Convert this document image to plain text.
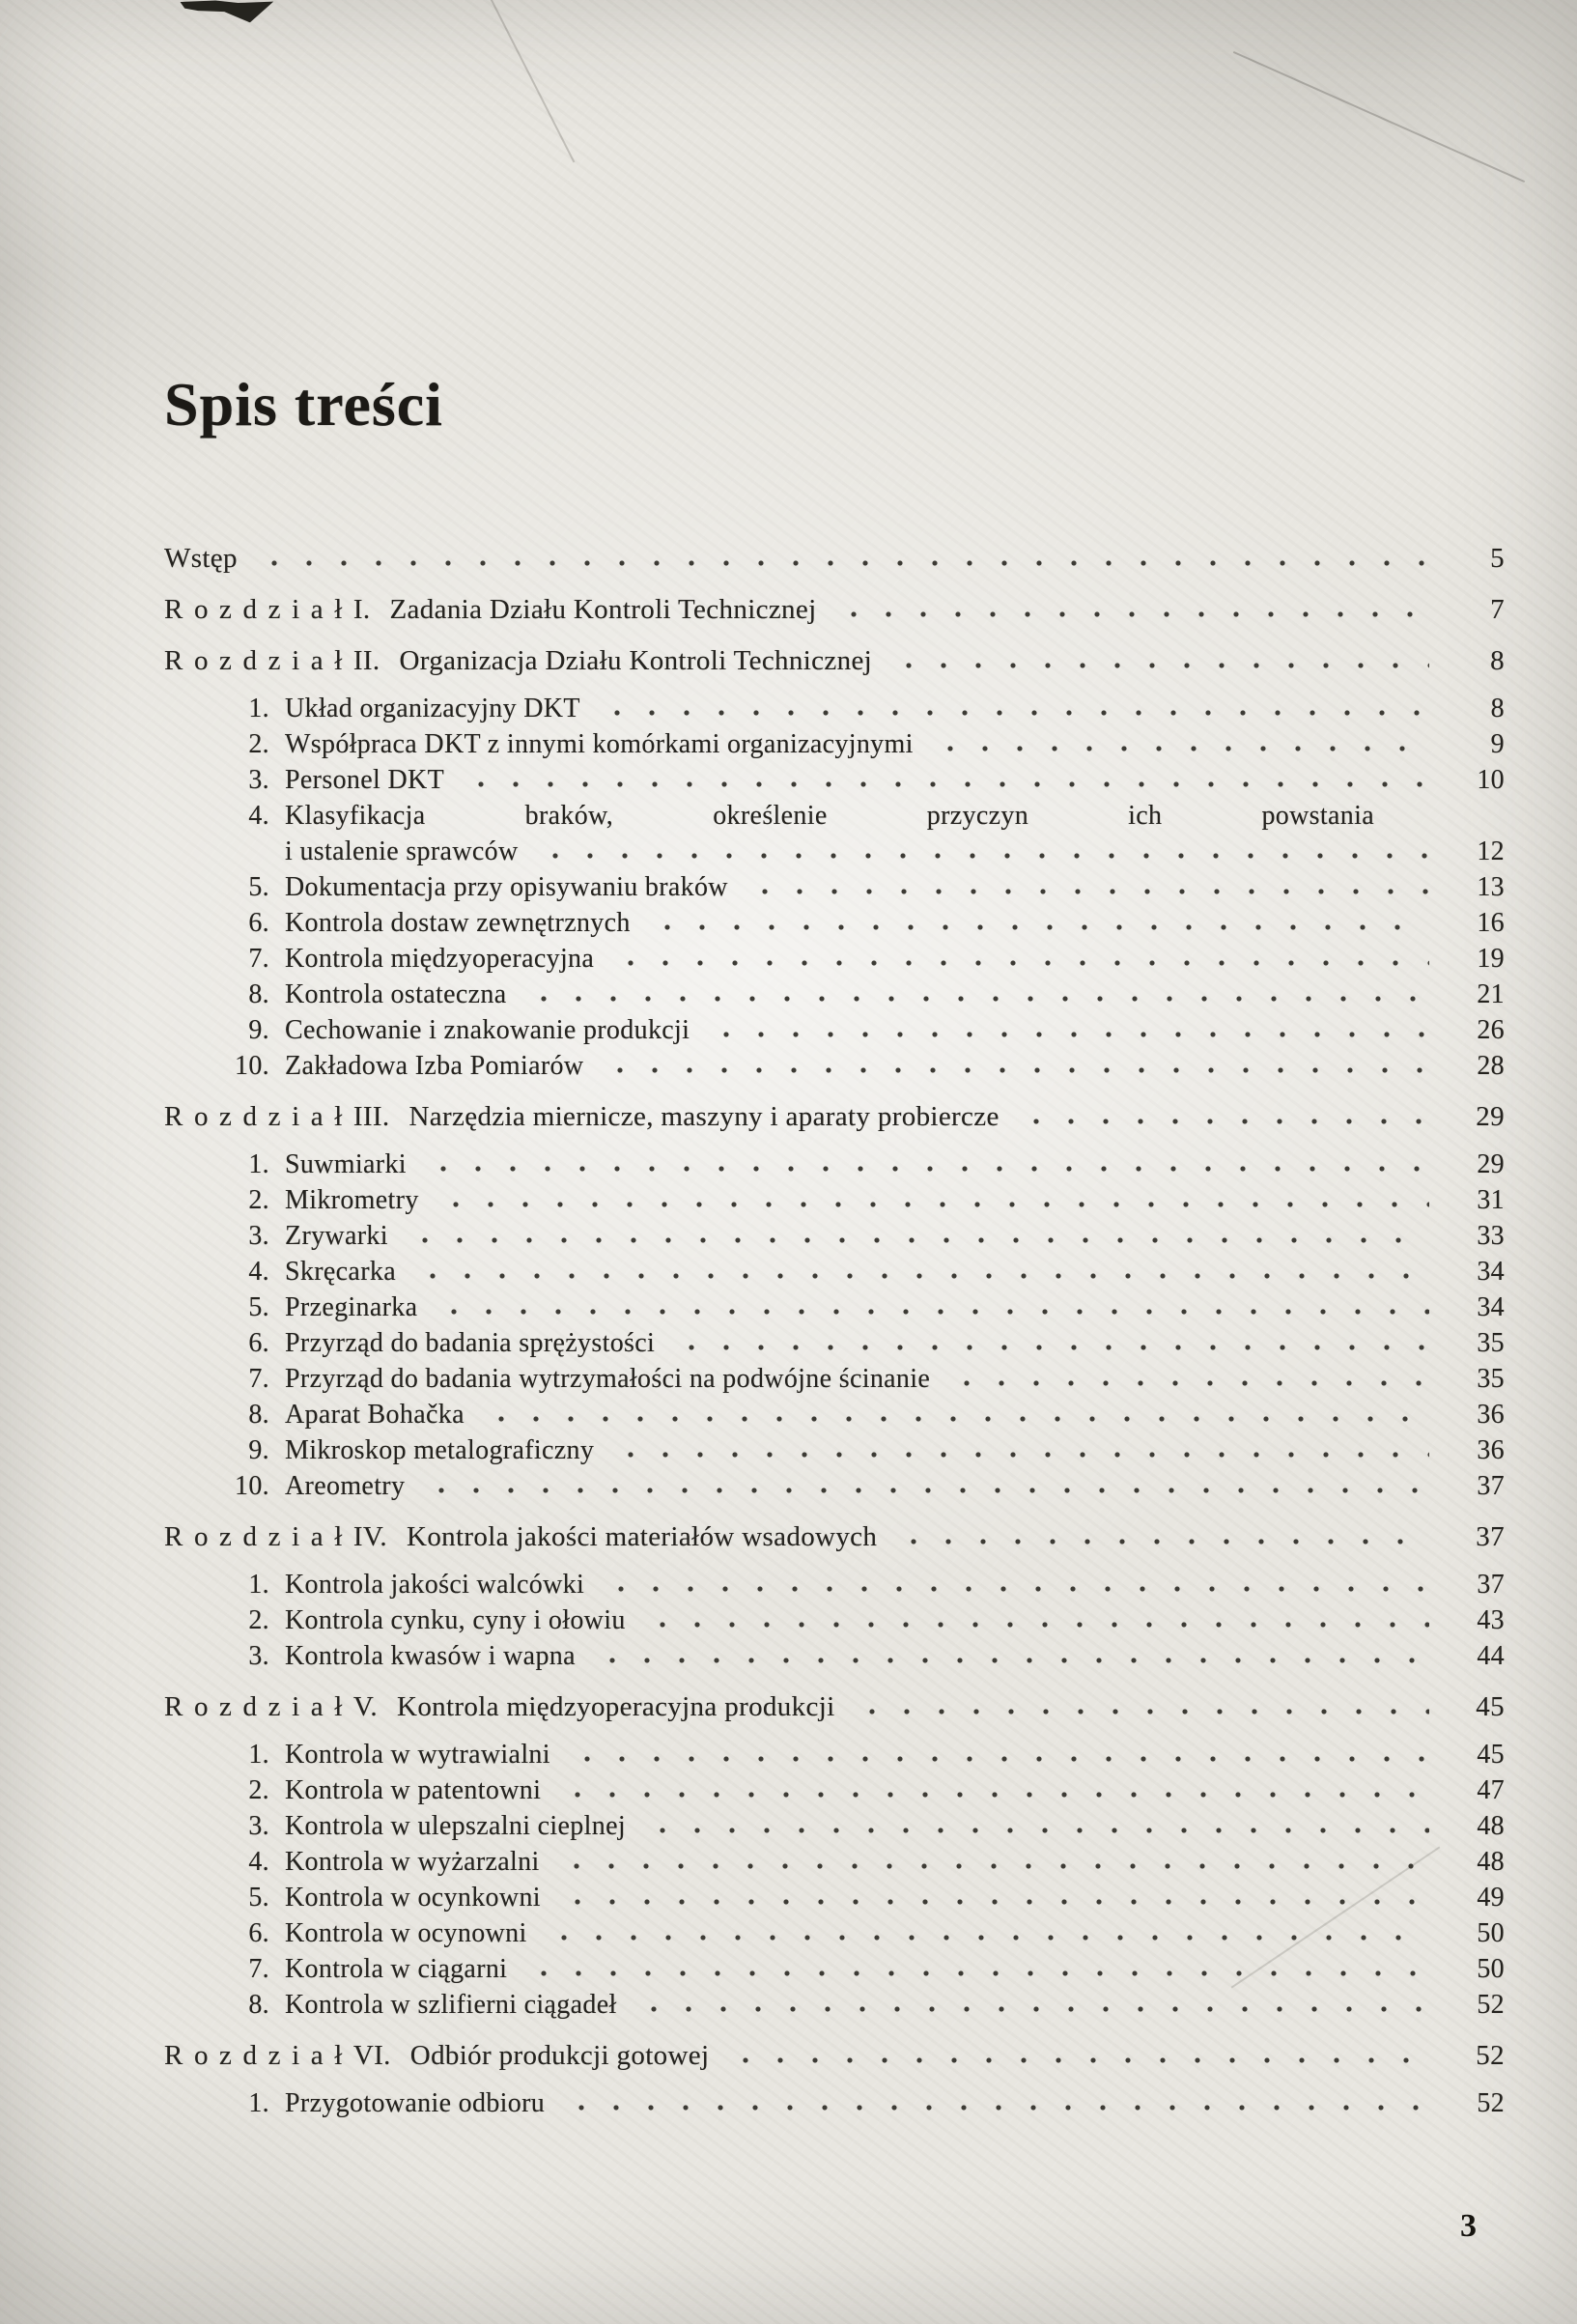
Spis treści
Wstęp	5
Rozdział I. Zadania Działu Kontroli Technicznej	7
Rozdział II. Organizacja Działu Kontroli Technicznej	8
1. Układ organizacyjny DKT	8
2. Współpraca DKT z innymi komórkami organizacyjnymi	9
3. Personel DKT	10
4. Klasyfikacja braków, określenie przyczyn ich powstania
i ustalenie sprawców	12
5. Dokumentacja przy opisywaniu braków	13
6. Kontrola dostaw zewnętrznych	16
7. Kontrola międzyoperacyjna	19
8. Kontrola ostateczna	21
9. Cechowanie i znakowanie produkcji	26
10. Zakładowa Izba Pomiarów	28
Rozdział III. Narzędzia miernicze, maszyny i aparaty probiercze	29
1. Suwmiarki	29
2. Mikrometry	31
3. Zrywarki	33
4. Skręcarka	34
5. Przeginarka	34
6. Przyrząd do badania sprężystości	35
7. Przyrząd do badania wytrzymałości na podwójne ścinanie	35
8. Aparat Bohačka	36
9. Mikroskop metalograficzny	36
10. Areometry	37
Rozdział IV. Kontrola jakości materiałów wsadowych	37
1. Kontrola jakości walcówki	37
2. Kontrola cynku, cyny i ołowiu	43
3. Kontrola kwasów i wapna	44
Rozdział V. Kontrola międzyoperacyjna produkcji	45
1. Kontrola w wytrawialni	45
2. Kontrola w patentowni	47
3. Kontrola w ulepszalni cieplnej	48
4. Kontrola w wyżarzalni	48
5. Kontrola w ocynkowni	49
6. Kontrola w ocynowni	50
7. Kontrola w ciągarni	50
8. Kontrola w szlifierni ciągadeł	52
Rozdział VI. Odbiór produkcji gotowej	52
1. Przygotowanie odbioru	52
3
